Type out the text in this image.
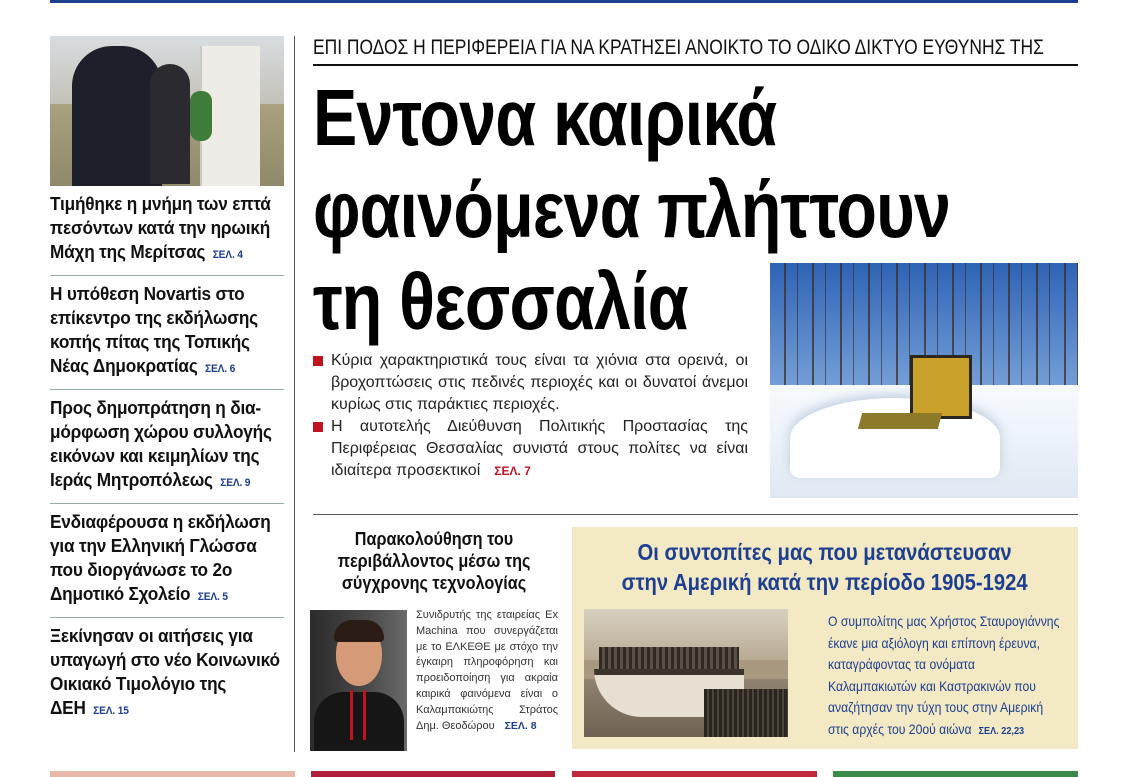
Τιμήθηκε η μνήμη των επτά πεσόντων κατά την ηρωική Μάχη της Μερίτσας ΣΕΛ. 4
Η υπόθεση Novartis στο επίκεντρο της εκδήλωσης κοπής πίτας της Τοπικής Νέας Δημοκρατίας ΣΕΛ. 6
Προς δημοπράτηση η δια-μόρφωση χώρου συλλογής εικόνων και κειμηλίων της Ιεράς Μητροπόλεως ΣΕΛ. 9
Ενδιαφέρουσα η εκδήλωση για την Ελληνική Γλώσσα που διοργάνωσε το 2ο Δημοτικό Σχολείο ΣΕΛ. 5
Ξεκίνησαν οι αιτήσεις για υπαγωγή στο νέο Κοινωνικό Οικιακό Τιμολόγιο της ΔΕΗ ΣΕΛ. 15
ΕΠΙ ΠΟΔΟΣ Η ΠΕΡΙΦΕΡΕΙΑ ΓΙΑ ΝΑ ΚΡΑΤΗΣΕΙ ΑΝΟΙΚΤΟ ΤΟ ΟΔΙΚΟ ΔΙΚΤΥΟ ΕΥΘΥΝΗΣ ΤΗΣ
Εντονα καιρικά
φαινόμενα πλήττουν
τη θεσσαλία
Κύρια χαρακτηριστικά τους είναι τα χιόνια στα ορεινά, οι βροχοπτώσεις στις πεδινές περιοχές και οι δυνατοί άνεμοι κυρίως στις παράκτιες περιοχές.
Η αυτοτελής Διεύθυνση Πολιτικής Προστασίας της Περιφέρειας Θεσσαλίας συνιστά στους πολίτες να είναι ιδιαίτερα προσεκτικοί ΣΕΛ. 7
Παρακολούθηση του περιβάλλοντος μέσω της σύγχρονης τεχνολογίας
Συνιδρυτής της εταιρείας Ex Machina που συνεργάζεται με το ΕΛΚΕΘΕ με στόχο την έγκαιρη πληροφόρηση και προειδοποίηση για ακραία καιρικά φαινόμενα είναι ο Καλαμπακιώτης Στράτος Δημ. Θεοδώρου ΣΕΛ. 8
Οι συντοπίτες μας που μετανάστευσαν
στην Αμερική κατά την περίοδο 1905-1924
Ο συμπολίτης μας Χρήστος Σταυρογιάννης έκανε μια αξιόλογη και επίπονη έρευνα, καταγράφοντας τα ονόματα Καλαμπακιωτών και Καστρακινών που αναζήτησαν την τύχη τους στην Αμερική στις αρχές του 20ού αιώνα ΣΕΛ. 22,23
